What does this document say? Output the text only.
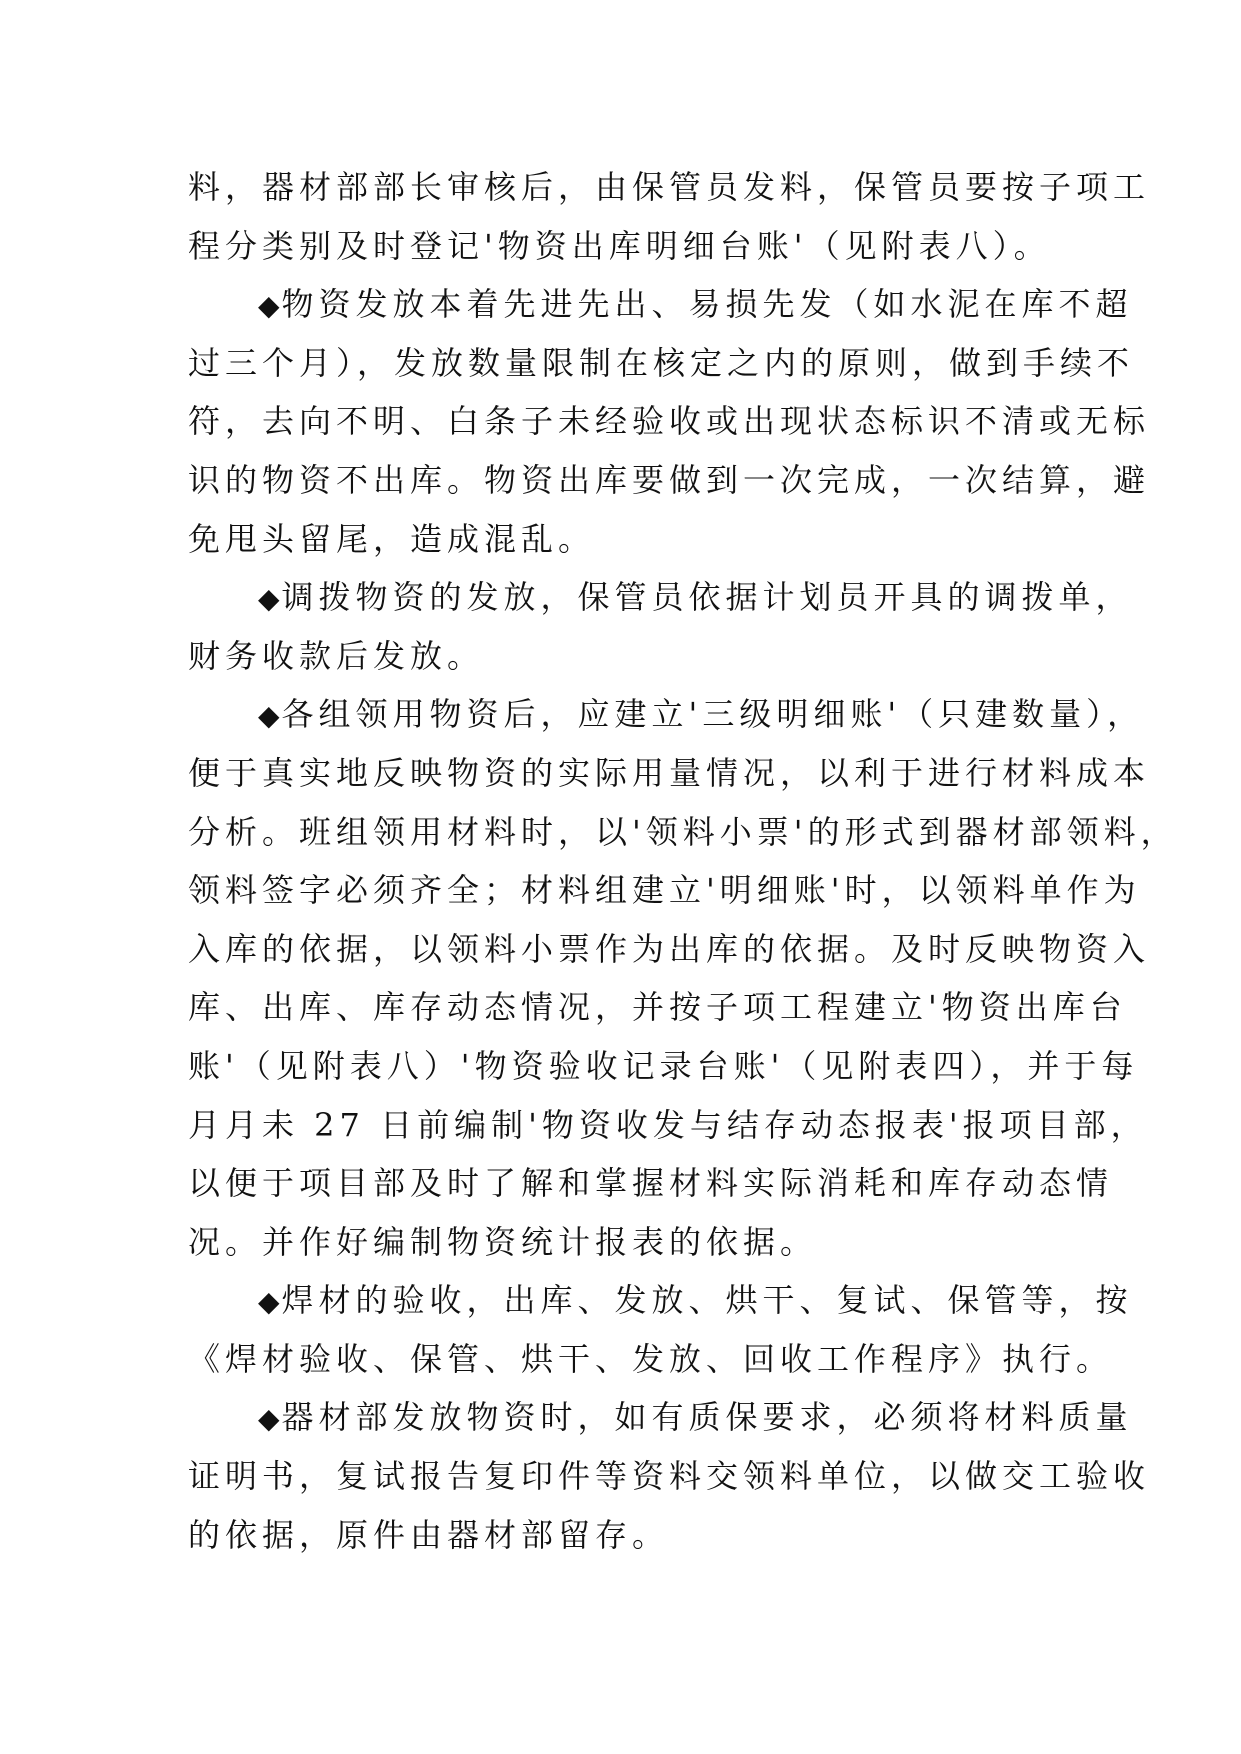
料，器材部部长审核后，由保管员发料，保管员要按子项工
程分类别及时登记'物资出库明细台账'（见附表八）。
◆物资发放本着先进先出、易损先发（如水泥在库不超
过三个月），发放数量限制在核定之内的原则，做到手续不
符，去向不明、白条子未经验收或出现状态标识不清或无标
识的物资不出库。物资出库要做到一次完成，一次结算，避
免甩头留尾，造成混乱。
◆调拨物资的发放，保管员依据计划员开具的调拨单，
财务收款后发放。
◆各组领用物资后，应建立'三级明细账'（只建数量），
便于真实地反映物资的实际用量情况，以利于进行材料成本
分析。班组领用材料时，以'领料小票'的形式到器材部领料，
领料签字必须齐全；材料组建立'明细账'时，以领料单作为
入库的依据，以领料小票作为出库的依据。及时反映物资入
库、出库、库存动态情况，并按子项工程建立'物资出库台
账'（见附表八）'物资验收记录台账'（见附表四），并于每
月月未 27 日前编制'物资收发与结存动态报表'报项目部，
以便于项目部及时了解和掌握材料实际消耗和库存动态情
况。并作好编制物资统计报表的依据。
◆焊材的验收，出库、发放、烘干、复试、保管等，按
《焊材验收、保管、烘干、发放、回收工作程序》执行。
◆器材部发放物资时，如有质保要求，必须将材料质量
证明书，复试报告复印件等资料交领料单位，以做交工验收
的依据，原件由器材部留存。
